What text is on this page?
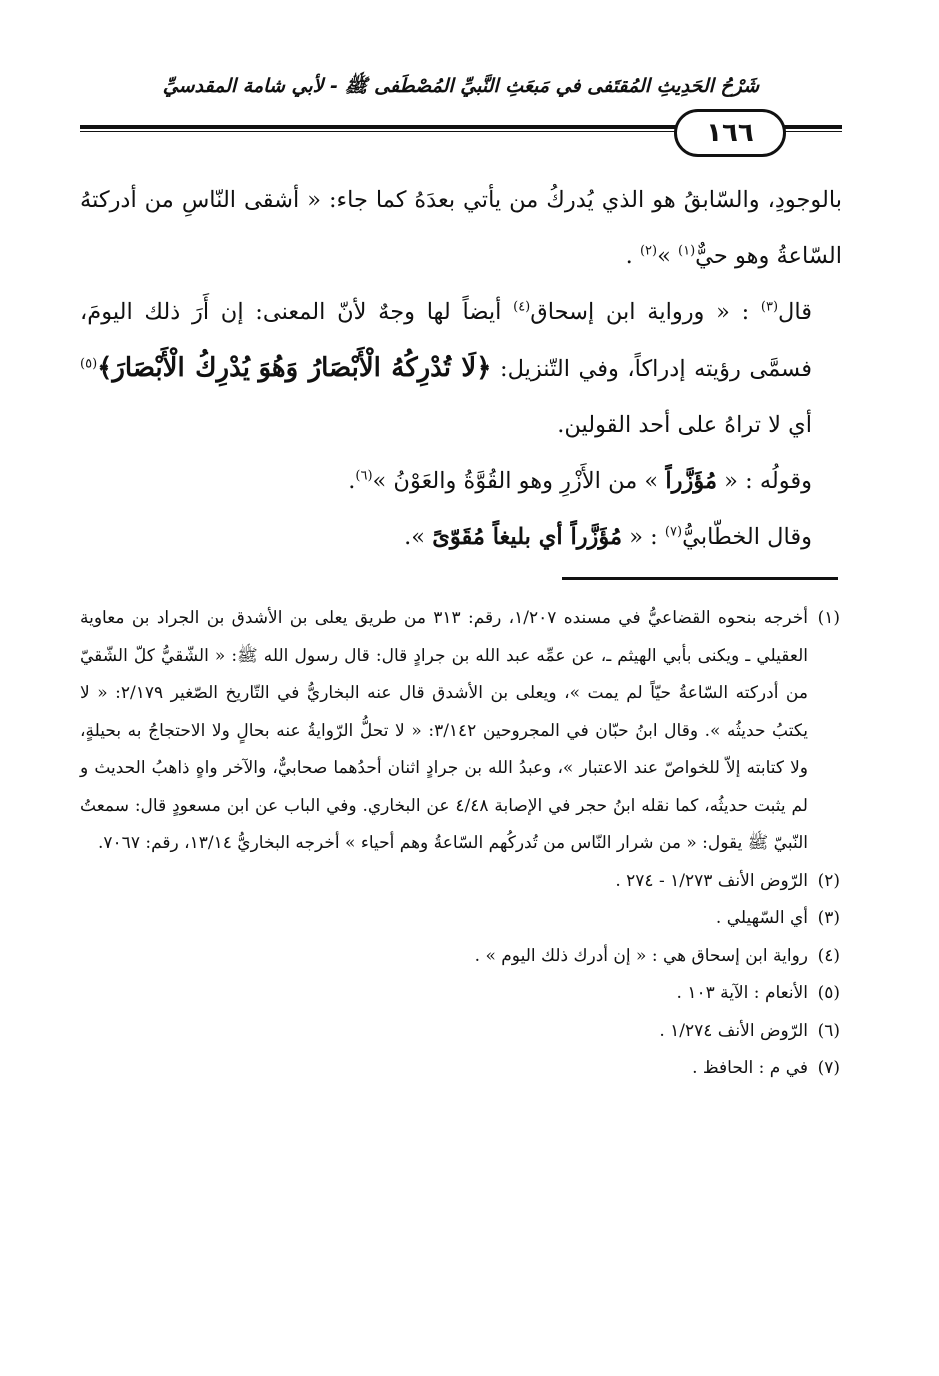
شَرْحُ الحَدِيثِ المُقتَفى في مَبعَثِ النَّبيِّ المُصْطَفى ﷺ - لأبي شامة المقدسيِّ
١٦٦

بالوجودِ، والسّابقُ هو الذي يُدركُ من يأتي بعدَهُ كما جاء: « أشقى النّاسِ من أدركتهُ السّاعةُ وهو حيٌّ$^{(١)}$ »$^{(٢)}$ .

قال$^{(٣)}$ : « ورواية ابن إسحاق$^{(٤)}$ أيضاً لها وجهٌ لأنّ المعنى: إن أَرَ ذلك اليومَ، فسمَّى رؤيته إدراكاً، وفي التّنزيل: ﴿لَا تُدْرِكُهُ الْأَبْصَارُ وَهُوَ يُدْرِكُ الْأَبْصَارَ﴾$^{(٥)}$ أي لا تراهُ على أحد القولين.

وقولُه : « مُؤَزَّراً » من الأَزْرِ وهو القُوَّةُ والعَوْنُ »$^{(٦)}$.

وقال الخطّابيُّ$^{(٧)}$ : « مُؤَزَّراً أي بليغاً مُقَوّىً ».

(١)
أخرجه بنحوه القضاعيُّ في مسنده ١/٢٠٧، رقم: ٣١٣ من طريق يعلى بن الأشدق بن الجراد بن معاوية العقيلي ـ ويكنى بأبي الهيثم ـ، عن عمِّه عبد الله بن جرادٍ قال: قال رسول الله ﷺ: « الشّقيُّ كلّ الشّقيّ من أدركته السّاعةُ حيّاً لم يمت »، ويعلى بن الأشدق قال عنه البخاريُّ في التّاريخ الصّغير ٢/١٧٩: « لا يكتبُ حديثُه ». وقال ابنُ حبّان في المجروحين ٣/١٤٢: « لا تحلُّ الرّوايةُ عنه بحالٍ ولا الاحتجاجُ به بحيلةٍ، ولا كتابته إلاّ للخواصّ عند الاعتبار »، وعبدُ الله بن جرادٍ اثنان أحدُهما صحابيٌّ، والآخر واهٍ ذاهبُ الحديث و لم يثبت حديثُه، كما نقله ابنُ حجر في الإصابة ٤/٤٨ عن البخاري. وفي الباب عن ابن مسعودٍ قال: سمعتُ النّبيّ ﷺ يقول: « من شرار النّاس من تُدركُهم السّاعةُ وهم أحياء » أخرجه البخاريُّ ١٣/١٤، رقم: ٧٠٦٧.

(٢)
الرّوض الأنف ١/٢٧٣ - ٢٧٤ .

(٣)
أي السّهيلي .

(٤)
رواية ابن إسحاق هي : « إن أدرك ذلك اليوم » .

(٥)
الأنعام : الآية ١٠٣ .

(٦)
الرّوض الأنف ١/٢٧٤ .

(٧)
في م : الحافظ .
